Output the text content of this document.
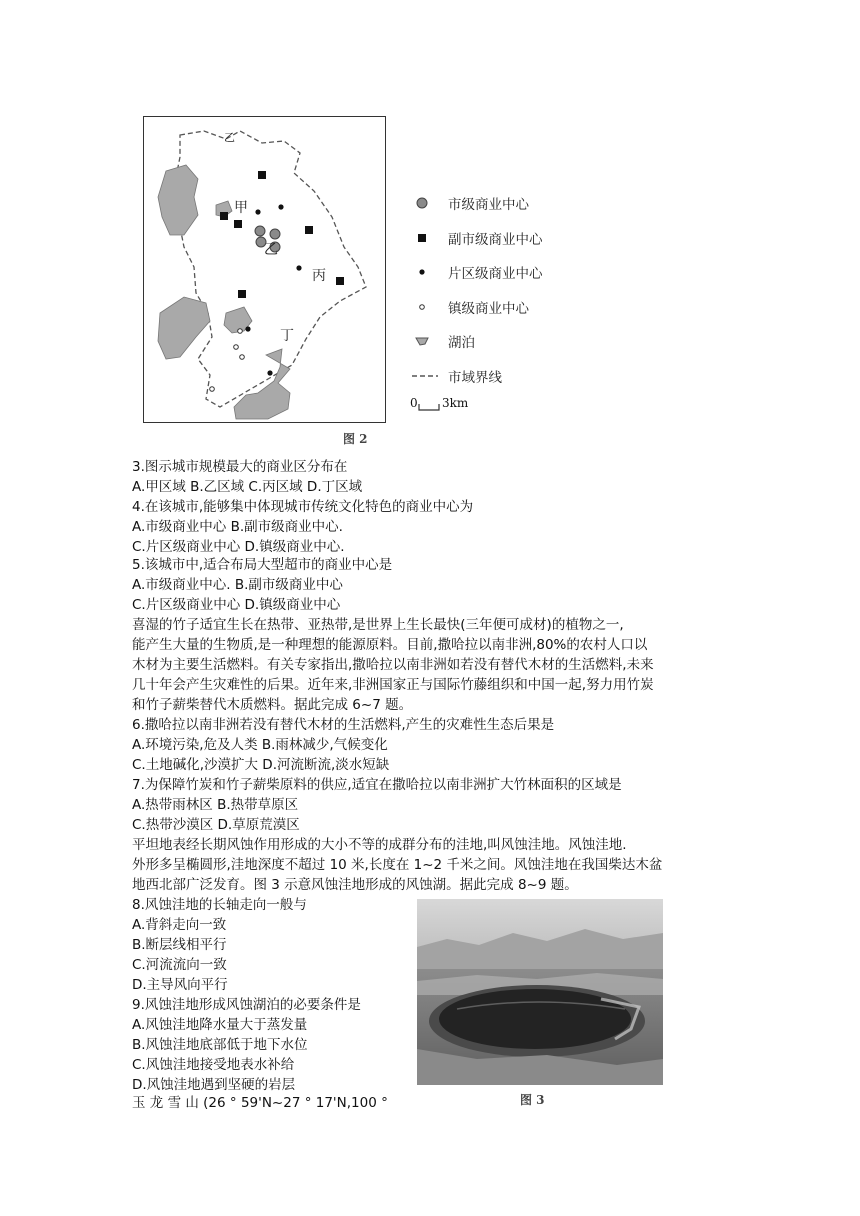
乙
甲
乙
丙
丁
市级商业中心
副市级商业中心
片区级商业中心
镇级商业中心
湖泊
市域界线
0 3km
图 2
3.图示城市规模最大的商业区分布在
A.甲区域 B.乙区域 C.丙区域 D.丁区域
4.在该城市,能够集中体现城市传统文化特色的商业中心为
A.市级商业中心 B.副市级商业中心.
C.片区级商业中心 D.镇级商业中心.
5.该城市中,适合布局大型超市的商业中心是
A.市级商业中心. B.副市级商业中心
C.片区级商业中心 D.镇级商业中心
喜湿的竹子适宜生长在热带、亚热带,是世界上生长最快(三年便可成材)的植物之一,
能产生大量的生物质,是一种理想的能源原料。目前,撒哈拉以南非洲,80%的农村人口以
木材为主要生活燃料。有关专家指出,撒哈拉以南非洲如若没有替代木材的生活燃料,未来
几十年会产生灾难性的后果。近年来,非洲国家正与国际竹藤组织和中国一起,努力用竹炭
和竹子薪柴替代木质燃料。据此完成 6~7 题。
6.撒哈拉以南非洲若没有替代木材的生活燃料,产生的灾难性生态后果是
A.环境污染,危及人类 B.雨林减少,气候变化
C.土地碱化,沙漠扩大 D.河流断流,淡水短缺
7.为保障竹炭和竹子薪柴原料的供应,适宜在撒哈拉以南非洲扩大竹林面积的区域是
A.热带雨林区 B.热带草原区
C.热带沙漠区 D.草原荒漠区
平坦地表经长期风蚀作用形成的大小不等的成群分布的洼地,叫风蚀洼地。风蚀洼地.
外形多呈椭圆形,洼地深度不超过 10 米,长度在 1~2 千米之间。风蚀洼地在我国柴达木盆
地西北部广泛发育。图 3 示意风蚀洼地形成的风蚀湖。据此完成 8~9 题。
8.风蚀洼地的长轴走向一般与
A.背斜走向一致
B.断层线相平行
C.河流流向一致
D.主导风向平行
9.风蚀洼地形成风蚀湖泊的必要条件是
A.风蚀洼地降水量大于蒸发量
B.风蚀洼地底部低于地下水位
C.风蚀洼地接受地表水补给
D.风蚀洼地遇到坚硬的岩层
玉 龙 雪 山 (26 ° 59'N~27 ° 17'N,100 °	图 3
